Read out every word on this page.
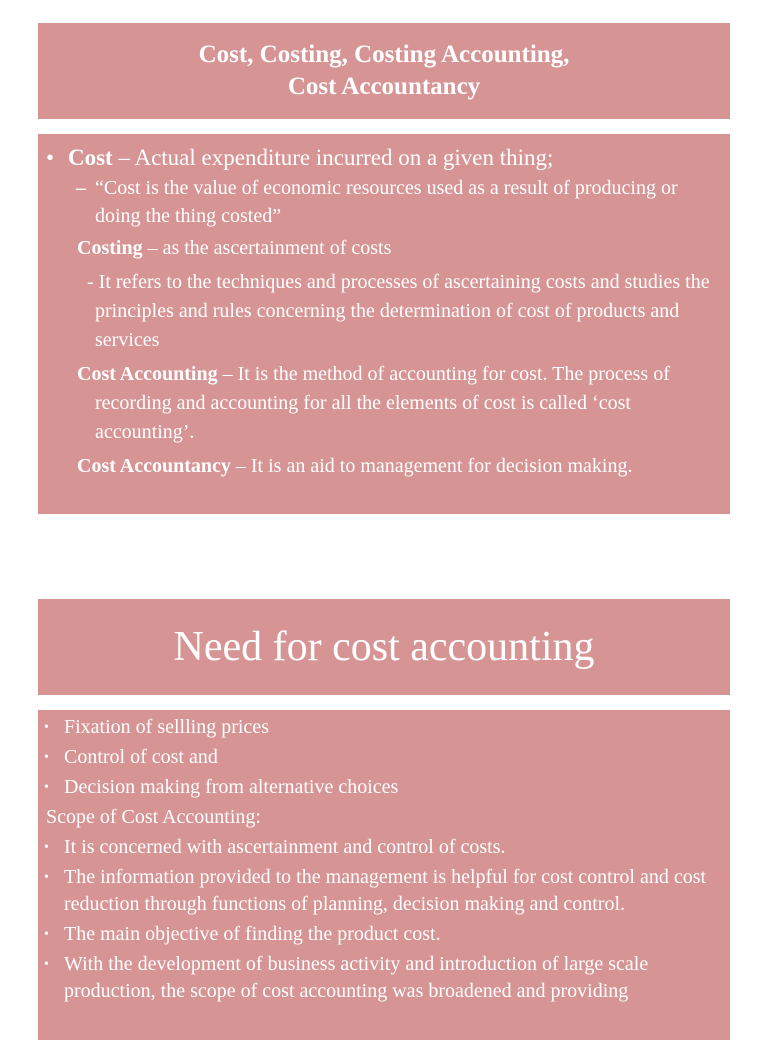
Cost, Costing, Costing Accounting,
Cost Accountancy
• Cost – Actual expenditure incurred on a given thing;
– “Cost is the value of economic resources used as a result of producing or doing the thing costed”
Costing – as the ascertainment of costs
- It refers to the techniques and processes of ascertaining costs and studies the principles and rules concerning the determination of cost of products and services
Cost Accounting – It is the method of accounting for cost. The process of recording and accounting for all the elements of cost is called ‘cost accounting’.
Cost Accountancy – It is an aid to management for decision making.
Need for cost accounting
• Fixation of sellling prices
• Control of cost and
• Decision making from alternative choices
Scope of Cost Accounting:
• It is concerned with ascertainment and control of costs.
• The information provided to the management is helpful for cost control and cost reduction through functions of planning, decision making and control.
• The main objective of finding the product cost.
• With the development of business activity and introduction of large scale production, the scope of cost accounting was broadened and providing
